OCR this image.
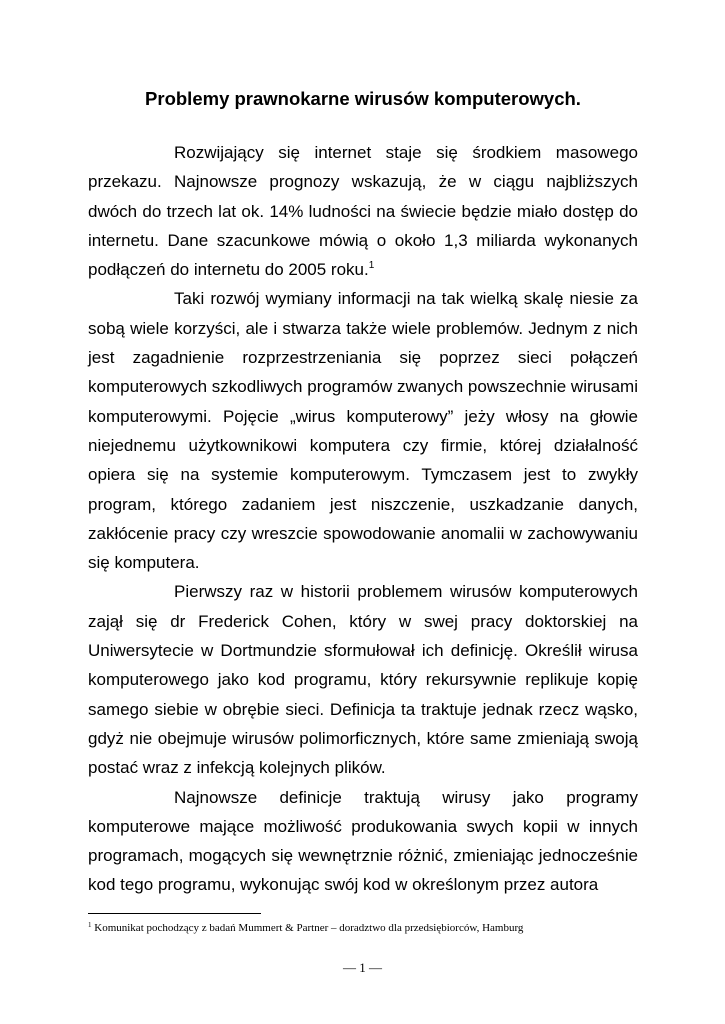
Problemy prawnokarne wirusów komputerowych.

Rozwijający się internet staje się środkiem masowego przekazu. Najnowsze prognozy wskazują, że w ciągu najbliższych dwóch do trzech lat ok. 14% ludności na świecie będzie miało dostęp do internetu. Dane szacunkowe mówią o około 1,3 miliarda wykonanych podłączeń do internetu do 2005 roku.$^1$

Taki rozwój wymiany informacji na tak wielką skalę niesie za sobą wiele korzyści, ale i stwarza także wiele problemów. Jednym z nich jest zagadnienie rozprzestrzeniania się poprzez sieci połączeń komputerowych szkodliwych programów zwanych powszechnie wirusami komputerowymi. Pojęcie „wirus komputerowy” jeży włosy na głowie niejednemu użytkownikowi komputera czy firmie, której działalność opiera się na systemie komputerowym. Tymczasem jest to zwykły program, którego zadaniem jest niszczenie, uszkadzanie danych, zakłócenie pracy czy wreszcie spowodowanie anomalii w zachowywaniu się komputera.

Pierwszy raz w historii problemem wirusów komputerowych zajął się dr Frederick Cohen, który w swej pracy doktorskiej na Uniwersytecie w Dortmundzie sformułował ich definicję. Określił wirusa komputerowego jako kod programu, który rekursywnie replikuje kopię samego siebie w obrębie sieci. Definicja ta traktuje jednak rzecz wąsko, gdyż nie obejmuje wirusów polimorficznych, które same zmieniają swoją postać wraz z infekcją kolejnych plików.

Najnowsze definicje traktują wirusy jako programy komputerowe mające możliwość produkowania swych kopii w innych programach, mogących się wewnętrznie różnić, zmieniając jednocześnie kod tego programu, wykonując swój kod w określonym przez autora

$^1$ Komunikat pochodzący z badań Mummert & Partner – doradztwo dla przedsiębiorców, Hamburg
— 1 —
